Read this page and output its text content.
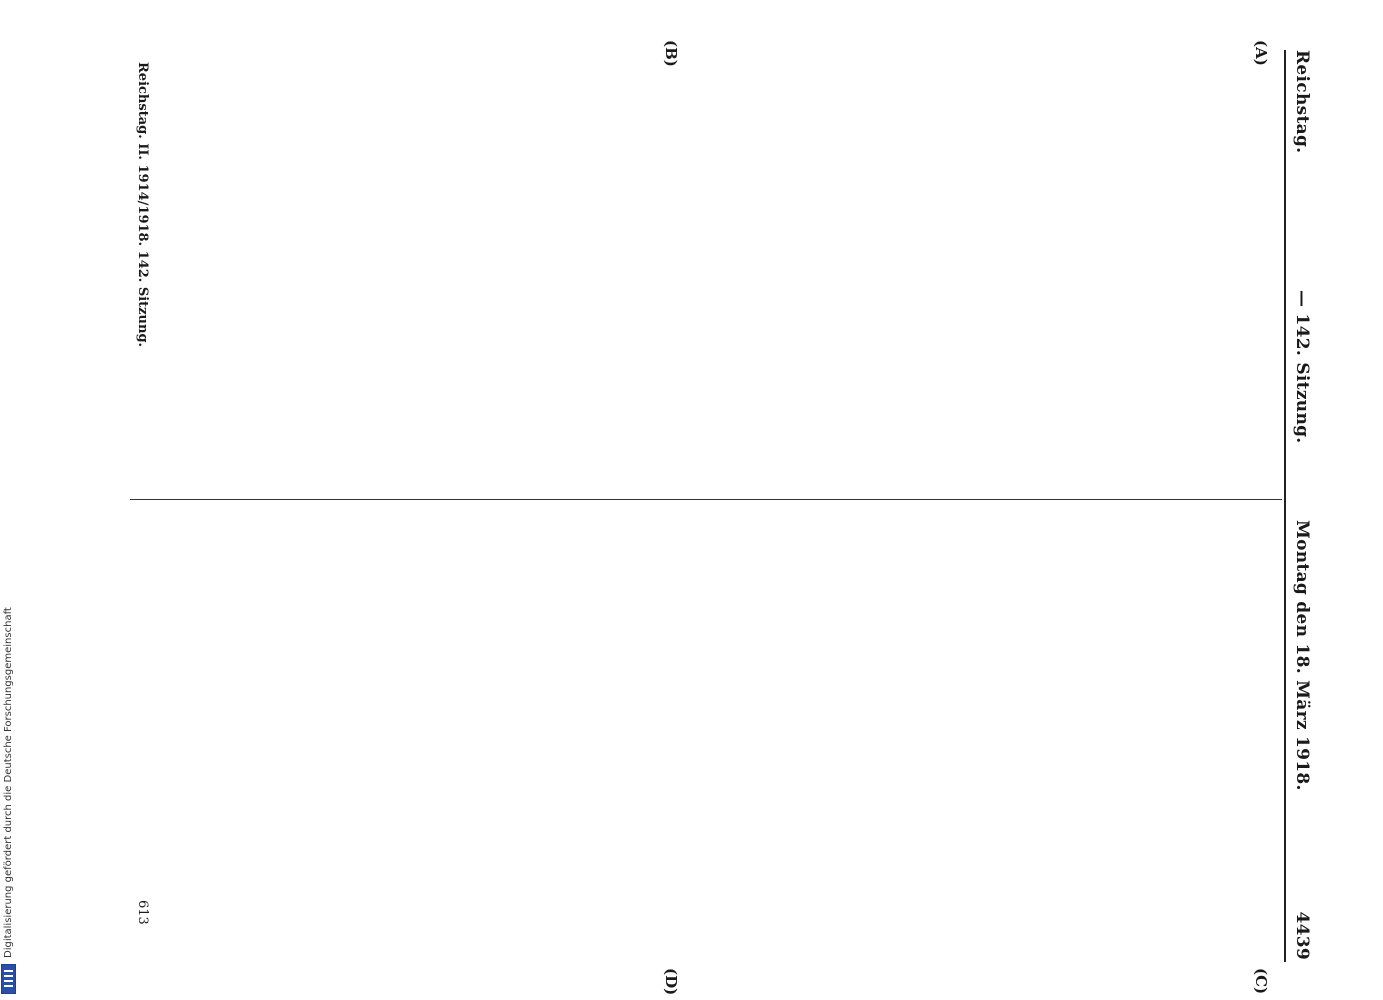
Digitalisierung gefördert durch die Deutsche Forschungsgemeinschaft
Reichstag.
— 142. Sitzung.
Montag den 18. März 1918.
4439
(A)
(B)
(C)
(D)
Reichstag. II. 1914/1918. 142. Sitzung.
613
